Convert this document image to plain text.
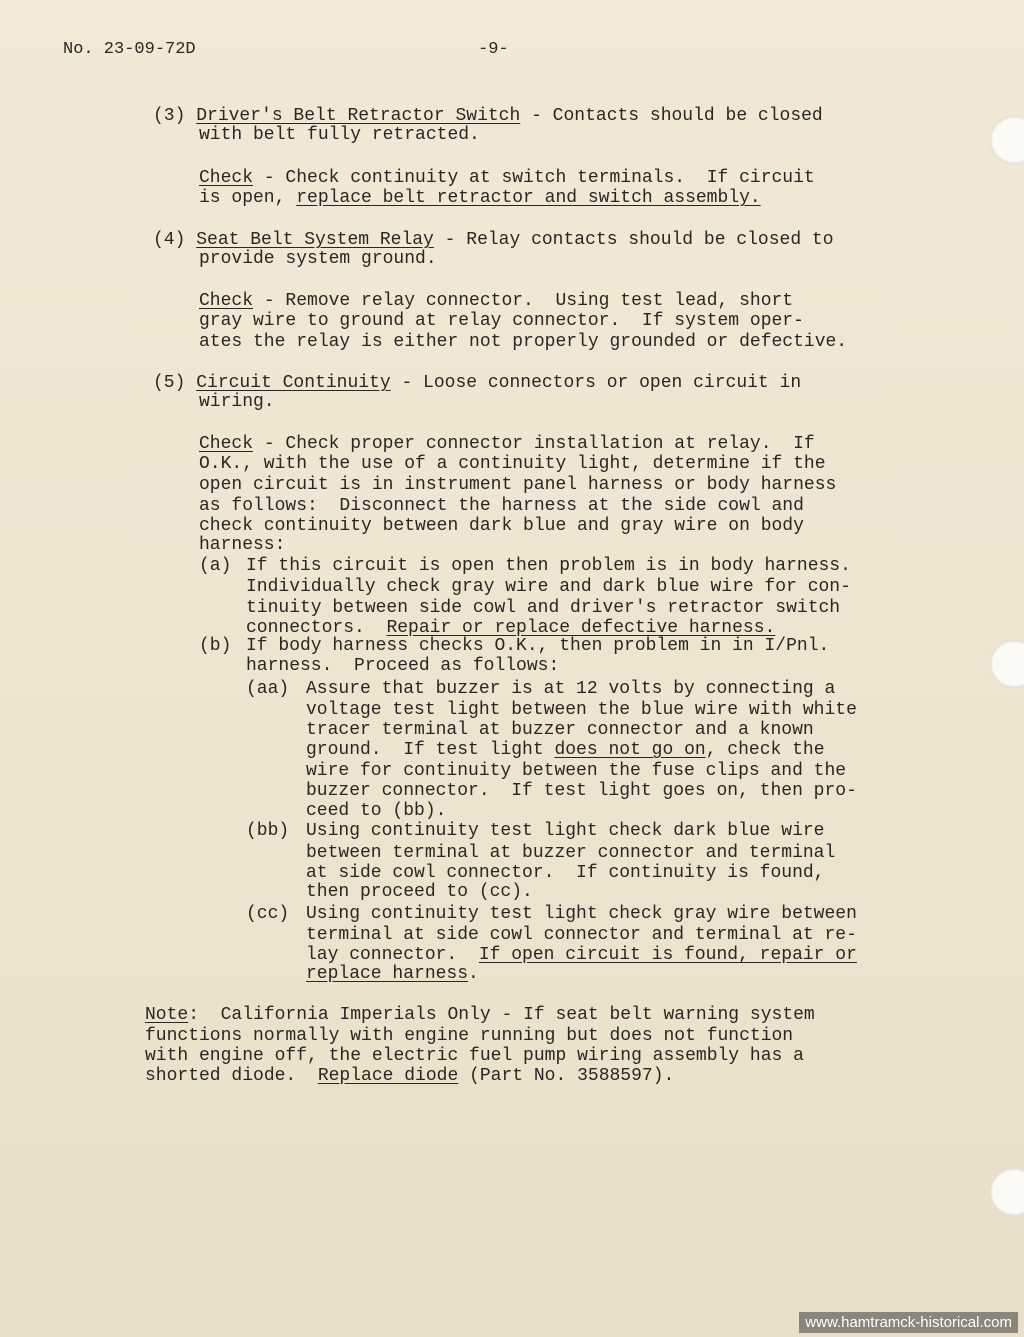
No. 23-09-72D	-9-
(3) Driver's Belt Retractor Switch - Contacts should be closed
with belt fully retracted.
Check - Check continuity at switch terminals.  If circuit
is open, replace belt retractor and switch assembly.
(4) Seat Belt System Relay - Relay contacts should be closed to
provide system ground.
Check - Remove relay connector.  Using test lead, short
gray wire to ground at relay connector.  If system oper-
ates the relay is either not properly grounded or defective.
(5) Circuit Continuity - Loose connectors or open circuit in
wiring.
Check - Check proper connector installation at relay.  If
O.K., with the use of a continuity light, determine if the
open circuit is in instrument panel harness or body harness
as follows:  Disconnect the harness at the side cowl and
check continuity between dark blue and gray wire on body
harness:
(a) If this circuit is open then problem is in body harness.
Individually check gray wire and dark blue wire for con-
tinuity between side cowl and driver's retractor switch
connectors.  Repair or replace defective harness.
(b) If body harness checks O.K., then problem in in I/Pnl.
harness.  Proceed as follows:
(aa) Assure that buzzer is at 12 volts by connecting a
voltage test light between the blue wire with white
tracer terminal at buzzer connector and a known
ground.  If test light does not go on, check the
wire for continuity between the fuse clips and the
buzzer connector.  If test light goes on, then pro-
ceed to (bb).
(bb) Using continuity test light check dark blue wire
between terminal at buzzer connector and terminal
at side cowl connector.  If continuity is found,
then proceed to (cc).
(cc) Using continuity test light check gray wire between
terminal at side cowl connector and terminal at re-
lay connector.  If open circuit is found, repair or
replace harness.
Note:  California Imperials Only - If seat belt warning system
functions normally with engine running but does not function
with engine off, the electric fuel pump wiring assembly has a
shorted diode.  Replace diode (Part No. 3588597).
www.hamtramck-historical.com
